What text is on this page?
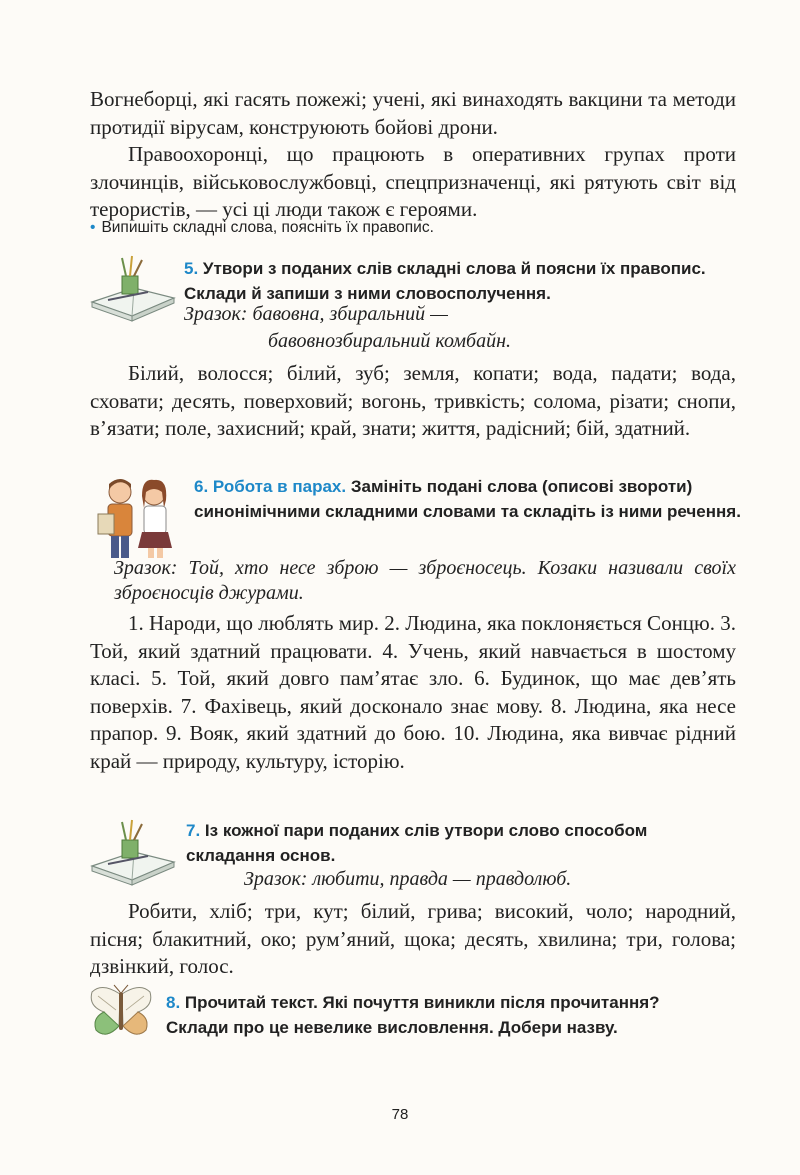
Вогнеборці, які гасять пожежі; учені, які винаходять вакцини та методи протидії вірусам, конструюють бойові дрони.
Правоохоронці, що працюють в оперативних групах проти злочинців, військовослужбовці, спецпризначенці, які рятують світ від терористів, — усі ці люди також є героями.
• Випишіть складні слова, поясніть їх правопис.
5. Утвори з поданих слів складні слова й поясни їх правопис. Склади й запиши з ними словосполучення.
Зразок: бавовна, збиральний —
бавовнозбиральний комбайн.
Білий, волосся; білий, зуб; земля, копати; вода, падати; вода, сховати; десять, поверховий; вогонь, тривкість; солома, різати; снопи, в’язати; поле, захисний; край, знати; життя, радісний; бій, здатний.
6. Робота в парах. Замініть подані слова (описові звороти) синонімічними складними словами та складіть із ними речення.
Зразок: Той, хто несе зброю — зброєносець. Козаки називали своїх зброєносців джурами.
1. Народи, що люблять мир. 2. Людина, яка поклоняється Сонцю. 3. Той, який здатний працювати. 4. Учень, який навчається в шостому класі. 5. Той, який довго пам’ятає зло. 6. Будинок, що має дев’ять поверхів. 7. Фахівець, який досконало знає мову. 8. Людина, яка несе прапор. 9. Вояк, який здатний до бою. 10. Людина, яка вивчає рідний край — природу, культуру, історію.
7. Із кожної пари поданих слів утвори слово способом складання основ.
Зразок: любити, правда — правдолюб.
Робити, хліб; три, кут; білий, грива; високий, чоло; народний, пісня; блакитний, око; рум’яний, щока; десять, хвилина; три, голова; дзвінкий, голос.
8. Прочитай текст. Які почуття виникли після прочитання? Склади про це невелике висловлення. Добери назву.
78
